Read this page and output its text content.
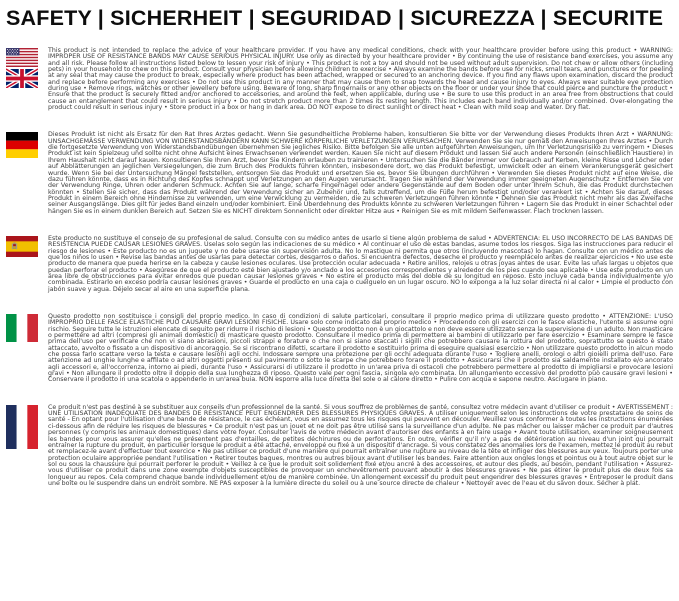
SAFETY | SICHERHEIT | SEGURIDAD | SICUREZZA | SECURITE

This product is not intended to replace the advice of your healthcare provider. If you have any medical conditions, check with your healthcare provider before using this product • WARNING: IMPROPER USE OF RESISTANCE BANDS MAY CAUSE SERIOUS PHYSICAL INJURY. Use only as directed by your healthcare provider • By continuing the use of resistance band exercises, you assume any and all risk. Please follow all instructions listed below to lessen your risk of injury • This product is not a toy and should not be used without adult supervision. Do not chew or allow others (including pets) in your household to chew on this product. Consult your physician before allowing children to exercise • Always examine the bands before use for nicks, small tears, and punctures or for peeling at any seal that may cause the product to break, especially where product has been attached, wrapped or secured to an anchoring device. If you find any flaws upon examination, discard the product and replace before performing any exercises • Do not use this product in any manner that may cause them to snap towards the head and cause injury to eyes. Always wear suitable eye protection during use • Remove rings, watches or other jewellery before using. Beware of long, sharp fingernails or any other objects on the floor or under your shoe that could pierce and puncture the product • Ensure that the product is securely fitted and/or anchored to accessories, and around the feet, when applicable, during use • Be sure to use this product in an area free from obstructions that could cause an entanglement that could result in serious injury • Do not stretch product more than 2 times its resting length. This includes each band individually and/or combined. Over-elongating the product could result in serious injury • Store product in a box or hang in dark area. DO NOT expose to direct sunlight or direct heat • Clean with mild soap and water. Dry flat.

Dieses Produkt ist nicht als Ersatz für den Rat Ihres Arztes gedacht. Wenn Sie gesundheitliche Probleme haben, konsultieren Sie bitte vor der Verwendung dieses Produkts Ihren Arzt • WARNUNG: UNSACHGEMÄSSE VERWENDUNG VON WIDERSTANDSBÄNDERN KANN SCHWERE KÖRPERLICHE VERLETZUNGEN VERURSACHEN. Verwenden Sie sie nur gemäß den Anweisungen Ihres Arztes • Durch die fortgesetzte Verwendung von Widerstandsbandübungen übernehmen Sie jegliches Risiko. Bitte befolgen Sie alle unten aufgeführten Anweisungen, um Ihr Verletzungsrisiko zu verringern • Dieses Produkt ist kein Spielzeug und sollte nicht ohne Aufsicht eines Erwachsenen verwendet werden. Kauen Sie nicht auf diesem Produkt und lassen Sie auch andere Personen (einschließlich Haustiere) in Ihrem Haushalt nicht darauf kauen. Konsultieren Sie Ihren Arzt, bevor Sie Kindern erlauben zu trainieren • Untersuchen Sie die Bänder immer vor Gebrauch auf Kerben, kleine Risse und Löcher oder auf Abblätterungen an jeglichen Versiegelungen, die zum Bruch des Produkts führen könnten, insbesondere dort, wo das Produkt befestigt, umwickelt oder an einem Verankerungsgerät gesichert wurde. Wenn Sie bei der Untersuchung Mängel feststellen, entsorgen Sie das Produkt und ersetzen Sie es, bevor Sie Übungen durchführen • Verwenden Sie dieses Produkt nicht auf eine Weise, die dazu führen könnte, dass es in Richtung des Kopfes schnappt und Verletzungen an den Augen verursacht. Tragen Sie während der Verwendung immer geeigneten Augenschutz • Entfernen Sie vor der Verwendung Ringe, Uhren oder anderen Schmuck. Achten Sie auf lange, scharfe Fingernägel oder andere Gegenstände auf dem Boden oder unter Ihrem Schuh, die das Produkt durchstechen könnten • Stellen Sie sicher, dass das Produkt während der Verwendung sicher an Zubehör und, falls zutreffend, um die Füße herum befestigt und/oder verankert ist • Achten Sie darauf, dieses Produkt in einem Bereich ohne Hindernisse zu verwenden, um eine Verwicklung zu vermeiden, die zu schweren Verletzungen führen könnte • Dehnen Sie das Produkt nicht mehr als das Zweifache seiner Ausgangslänge. Dies gilt für jedes Band einzeln und/oder kombiniert. Eine Überdehnung des Produkts könnte zu schweren Verletzungen führen • Lagern Sie das Produkt in einer Schachtel oder hängen Sie es in einem dunklen Bereich auf. Setzen Sie es NICHT direktem Sonnenlicht oder direkter Hitze aus • Reinigen Sie es mit mildem Seifenwasser. Flach trocknen lassen.

Este producto no sustituye el consejo de su profesional de salud. Consulte con su médico antes de usarlo si tiene algún problema de salud • ADVERTENCIA: EL USO INCORRECTO DE LAS BANDAS DE RESISTENCIA PUEDE CAUSAR LESIONES GRAVES. Úselas solo según las indicaciones de su médico • Al continuar el uso de estas bandas, asume todos los riesgos. Siga las instrucciones para reducir el riesgo de lesiones • Este producto no es un juguete y no debe usarse sin supervisión adulta. No lo mastique ni permita que otros (incluyendo mascotas) lo hagan. Consulte con un médico antes de que los niños lo usen • Revise las bandas antes de usarlas para detectar cortes, desgarros o daños. Si encuentra defectos, deseche el producto y reemplácelo antes de realizar ejercicios • No use este producto de manera que pueda herirse en la cabeza y cause lesiones oculares. Use protección ocular adecuada • Retire anillos, relojes u otras joyas antes de usar. Evite las uñas largas u objetos que puedan perforar el producto • Asegúrese de que el producto esté bien ajustado y/o anclado a los accesorios correspondientes y alrededor de los pies cuando sea aplicable • Use este producto en un área libre de obstrucciones para evitar enredos que puedan causar lesiones graves • No estire el producto más del doble de su longitud en reposo. Esto incluye cada banda individualmente y/o combinada. Estirarlo en exceso podría causar lesiones graves • Guarde el producto en una caja o cuélguelo en un lugar oscuro. NO lo exponga a la luz solar directa ni al calor • Limpie el producto con jabón suave y agua. Déjelo secar al aire en una superficie plana.

Questo prodotto non sostituisce i consigli del proprio medico. In caso di condizioni di salute particolari, consultare il proprio medico prima di utilizzare questo prodotto • ATTENZIONE: L'USO IMPROPRIO DELLE FASCE ELASTICHE PUÒ CAUSARE GRAVI LESIONI FISICHE. Usare solo come indicato dal proprio medico • Procedendo con gli esercizi con le fasce elastiche, l'utente si assume ogni rischio. Seguire tutte le istruzioni elencate di seguito per ridurre il rischio di lesioni • Questo prodotto non è un giocattolo e non deve essere utilizzato senza la supervisione di un adulto. Non masticare o permettere ad altri (compresi gli animali domestici) di masticare questo prodotto. Consultare il medico prima di permettere ai bambini di utilizzarlo per fare esercizio • Esaminare sempre le fasce prima dell'uso per verificare che non vi siano abrasioni, piccoli strappi e forature o che non si siano staccati i sigilli che potrebbero causare la rottura del prodotto, soprattutto se questo è stato attaccato, avvolto o fissato a un dispositivo di ancoraggio. Se si riscontrano difetti, scartare il prodotto e sostituirlo prima di eseguire qualsiasi esercizio • Non utilizzare questo prodotto in alcun modo che possa farlo scattare verso la testa e causare lesioni agli occhi. Indossare sempre una protezione per gli occhi adeguata durante l'uso • Togliere anelli, orologi o altri gioielli prima dell'uso. Fare attenzione ad unghie lunghe e affilate o ad altri oggetti presenti sul pavimento o sotto le scarpe che potrebbero forare il prodotto • Assicurarsi che il prodotto sia saldamente installato e/o ancorato agli accessori e, all'occorrenza, intorno ai piedi, durante l'uso • Assicurarsi di utilizzare il prodotto in un'area priva di ostacoli che potrebbero permettere al prodotto di impigliarsi e provocare lesioni gravi • Non allungare il prodotto oltre il doppio della sua lunghezza di riposo. Questo vale per ogni fascia, singola e/o combinata. Un allungamento eccessivo del prodotto può causare gravi lesioni • Conservare il prodotto in una scatola o appenderlo in un'area buia. NON esporre alla luce diretta del sole o al calore diretto • Pulire con acqua e sapone neutro. Asciugare in piano.

Ce produit n'est pas destiné à se substituer aux conseils d'un professionnel de la santé. Si vous souffrez de problèmes de santé, consultez votre médecin avant d'utiliser ce produit • AVERTISSEMENT : UNE UTILISATION INADÉQUATE DES BANDES DE RÉSISTANCE PEUT ENGENDRER DES BLESSURES PHYSIQUES GRAVES. À utiliser uniquement selon les instructions de votre prestataire de soins de santé - En optant pour l'utilisation d'une bande de résistance, le cas échéant, vous en assumez tous les risques qui peuvent en découler. Veuillez vous conformer à toutes les instructions énumérées ci-dessous afin de réduire les risques de blessures • Ce produit n'est pas un jouet et ne doit pas être utilisé sans la surveillance d'un adulte. Ne pas mâcher ou laisser mâcher ce produit par d'autres personnes (y compris les animaux domestiques) dans votre foyer. Consulter l'avis de votre médecin avant d'autoriser des enfants à en faire usage • Avant toute utilisation, examiner soigneusement les bandes pour vous assurer qu'elles ne présentent pas d'entailles, de petites déchirures ou de perforations. En outre, vérifier qu'il n'y a pas de détérioration au niveau d'un joint qui pourrait entraîner la rupture du produit, en particulier lorsque le produit a été attaché, enveloppé ou fixé à un dispositif d'ancrage. Si vous constatez des anomalies lors de l'examen, mettez le produit au rebut et remplacez-le avant d'effectuer tout exercice • Ne pas utiliser ce produit d'une manière qui pourrait entraîner une rupture au niveau de la tête et infliger des blessures aux yeux. Toujours porter une protection oculaire appropriée pendant l'utilisation • Retirer toutes bagues, montres ou autres bijoux avant d'utiliser les bandes. Faire attention aux ongles longs et pointus ou à tout autre objet sur le sol ou sous la chaussure qui pourrait perforer le produit • Veillez à ce que le produit soit solidement fixé et/ou ancré à des accessoires, et autour des pieds, au besoin, pendant l'utilisation • Assurez-vous d'utiliser ce produit dans une zone exempte d'objets susceptibles de provoquer un enchevêtrement pouvant aboutir à des blessures graves • Ne pas étirer le produit plus de deux fois sa longueur au repos. Cela comprend chaque bande individuellement et/ou de manière combinée. Un allongement excessif du produit peut engendrer des blessures graves • Entreposer le produit dans une boîte ou le suspendre dans un endroit sombre. NE PAS exposer à la lumière directe du soleil ou à une source directe de chaleur • Nettoyer avec de l'eau et du savon doux. Sécher à plat.
